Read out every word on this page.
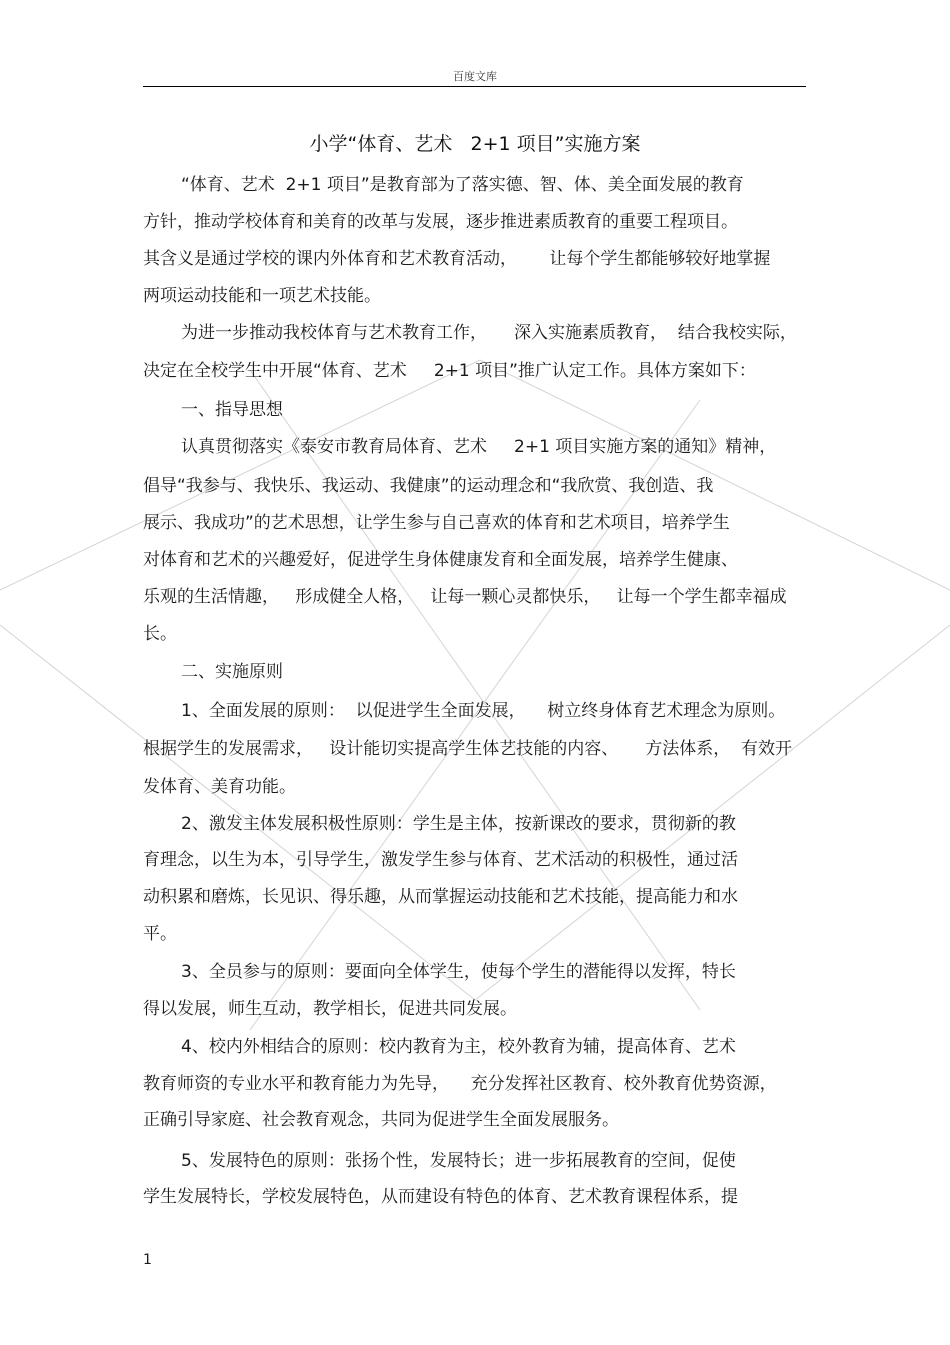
百度文库
小学“体育、艺术   2+1 项目”实施方案
“体育、艺术  2+1 项目”是教育部为了落实德、智、体、美全面发展的教育
方针，推动学校体育和美育的改革与发展，逐步推进素质教育的重要工程项目。
其含义是通过学校的课内外体育和艺术教育活动，      让每个学生都能够较好地掌握
两项运动技能和一项艺术技能。
为进一步推动我校体育与艺术教育工作，     深入实施素质教育，  结合我校实际，
决定在全校学生中开展“体育、艺术     2+1 项目”推广认定工作。具体方案如下：
一、指导思想
认真贯彻落实《泰安市教育局体育、艺术     2+1 项目实施方案的通知》精神，
倡导“我参与、我快乐、我运动、我健康”的运动理念和“我欣赏、我创造、我
展示、我成功”的艺术思想，让学生参与自己喜欢的体育和艺术项目，培养学生
对体育和艺术的兴趣爱好，促进学生身体健康发育和全面发展，培养学生健康、
乐观的生活情趣，   形成健全人格，   让每一颗心灵都快乐，   让每一个学生都幸福成
长。
二、实施原则
1、全面发展的原则：  以促进学生全面发展，    树立终身体育艺术理念为原则。
根据学生的发展需求，   设计能切实提高学生体艺技能的内容、     方法体系，  有效开
发体育、美育功能。
2、激发主体发展积极性原则：学生是主体，按新课改的要求，贯彻新的教
育理念，以生为本，引导学生，激发学生参与体育、艺术活动的积极性，通过活
动积累和磨炼，长见识、得乐趣，从而掌握运动技能和艺术技能，提高能力和水
平。
3、全员参与的原则：要面向全体学生，使每个学生的潜能得以发挥，特长
得以发展，师生互动，教学相长，促进共同发展。
4、校内外相结合的原则：校内教育为主，校外教育为辅，提高体育、艺术
教育师资的专业水平和教育能力为先导，    充分发挥社区教育、校外教育优势资源，
正确引导家庭、社会教育观念，共同为促进学生全面发展服务。
5、发展特色的原则：张扬个性，发展特长；进一步拓展教育的空间，促使
学生发展特长，学校发展特色，从而建设有特色的体育、艺术教育课程体系，提
1
